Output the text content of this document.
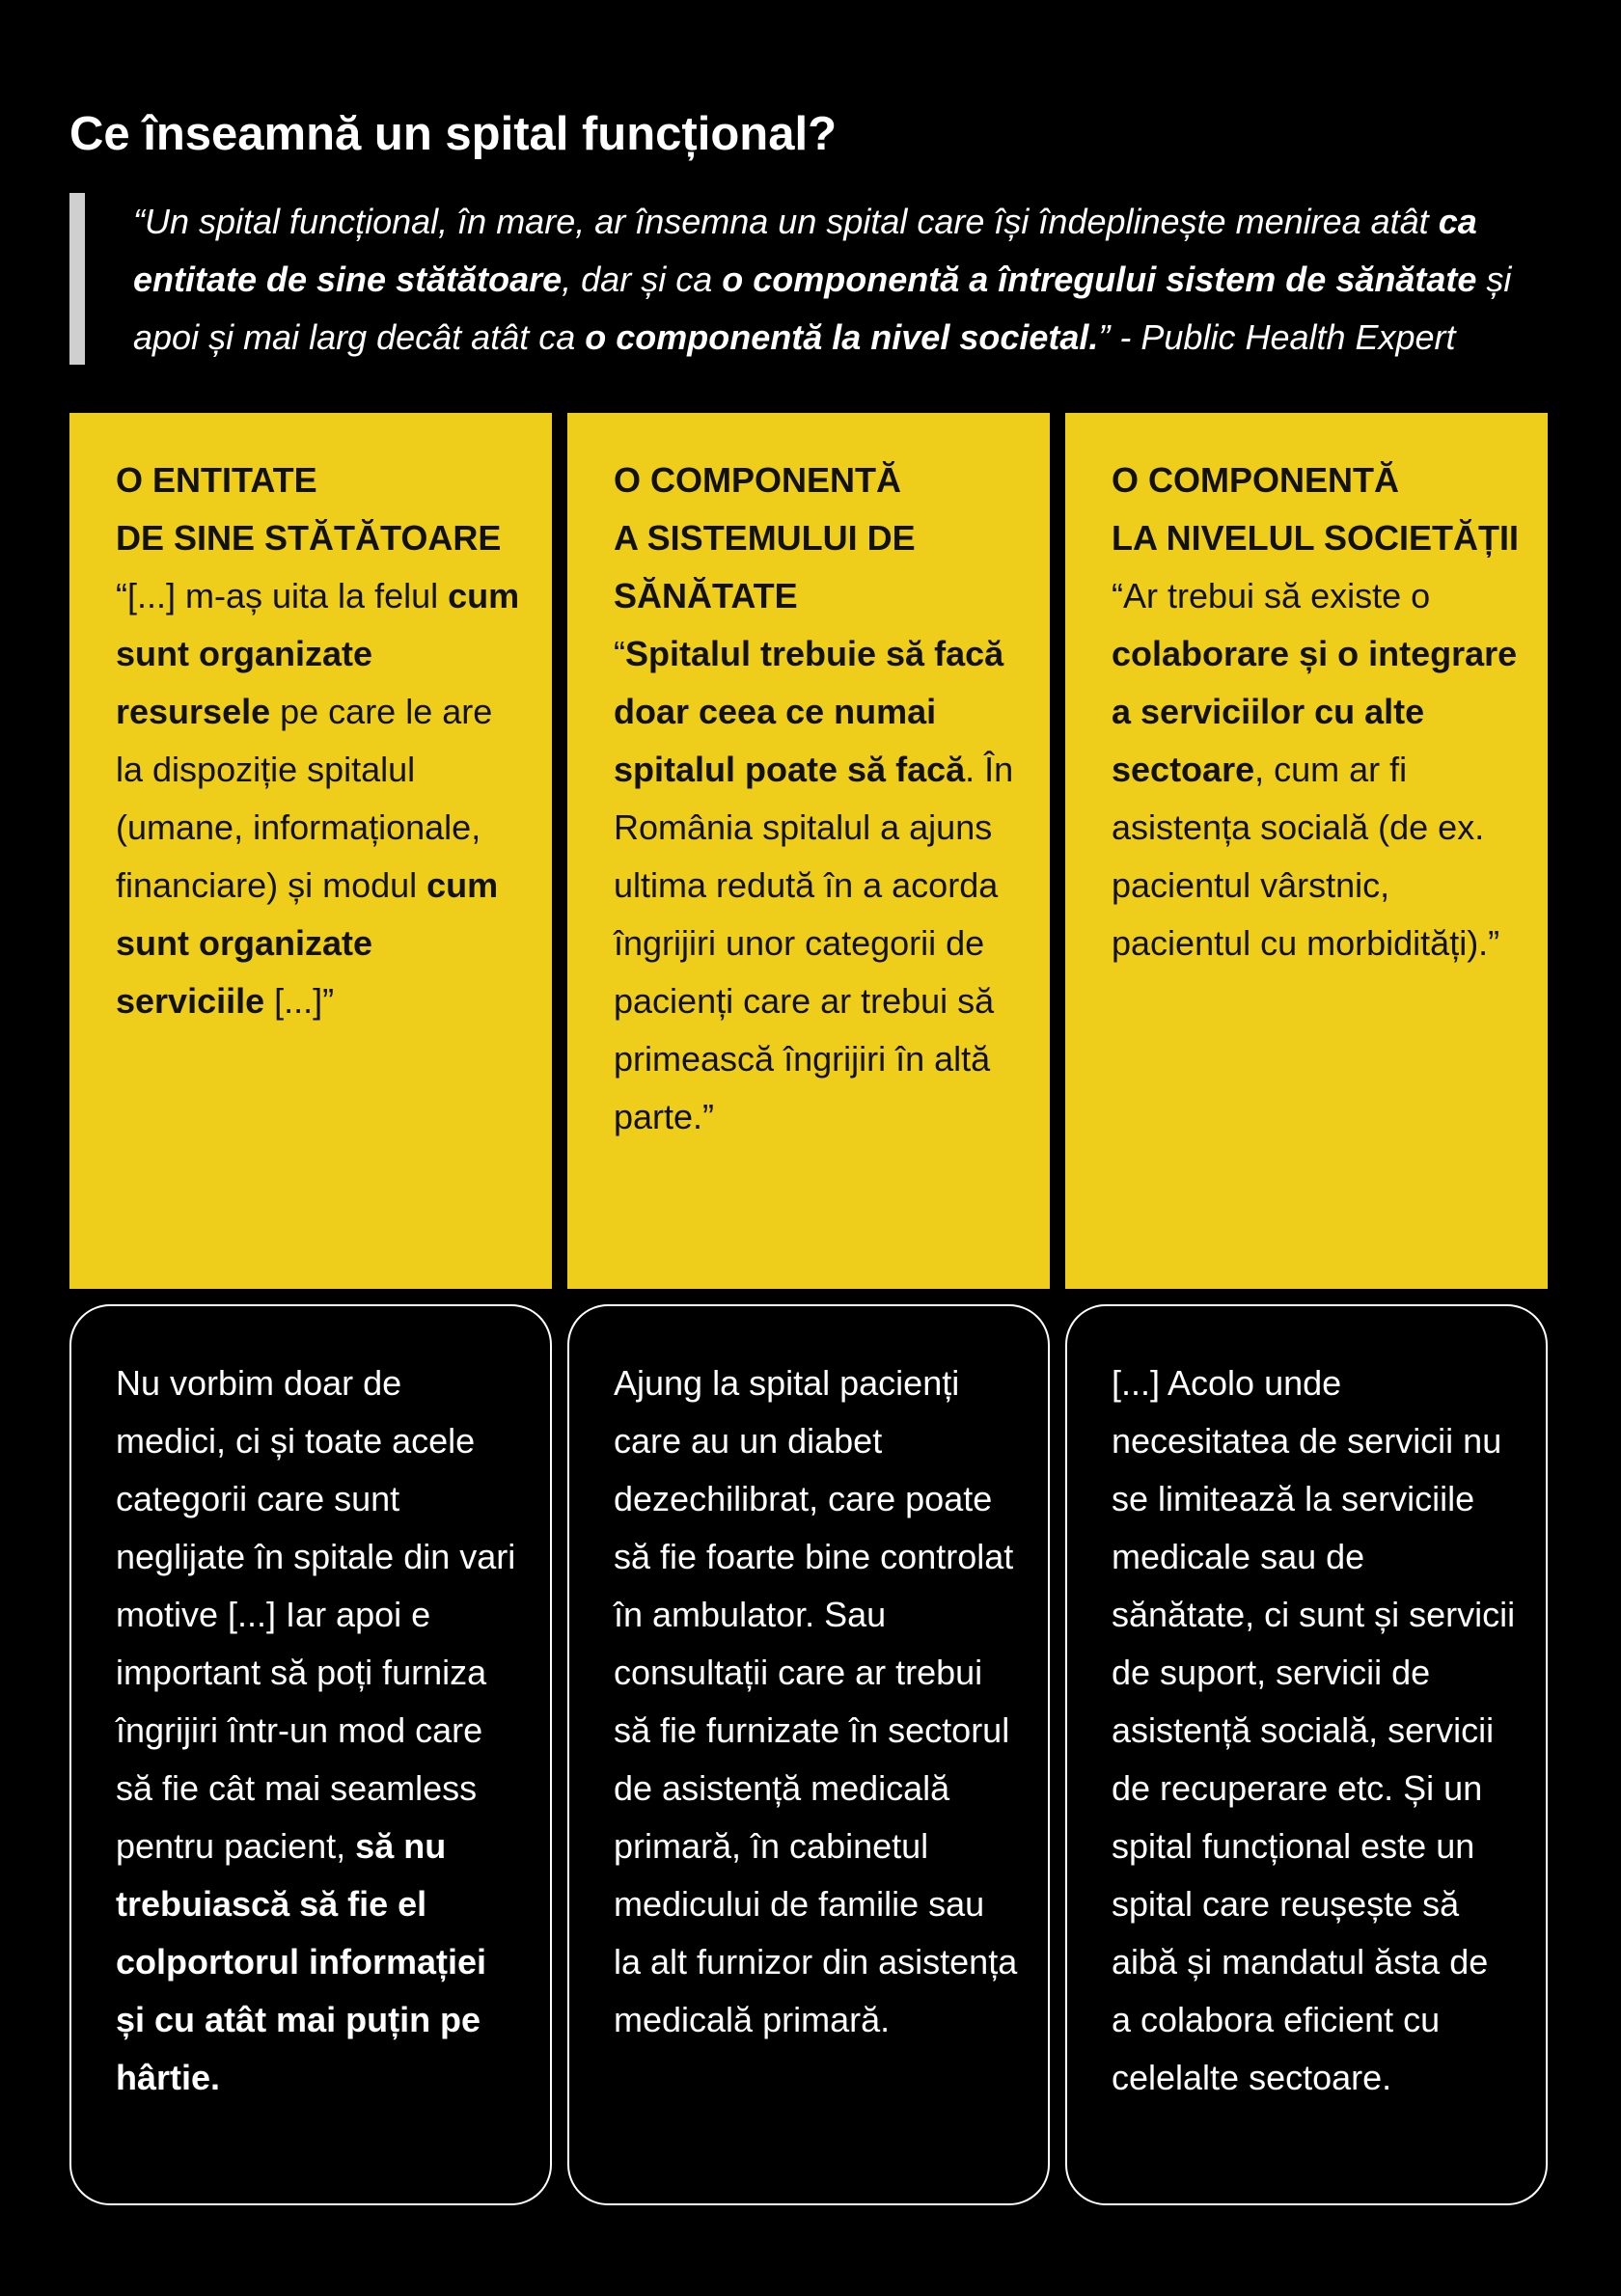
Ce înseamnă un spital funcțional?

“Un spital funcțional, în mare, ar însemna un spital care își îndeplinește menirea atât ca entitate de sine stătătoare, dar și ca o componentă a întregului sistem de sănătate și apoi și mai larg decât atât ca o componentă la nivel societal.” - Public Health Expert

O ENTITATE
DE SINE STĂTĂTOARE

“[...] m-aș uita la felul cum sunt organizate resursele pe care le are la dispoziție spitalul (umane, informaționale, financiare) și modul cum sunt organizate serviciile [...]”

O COMPONENTĂ
A SISTEMULUI DE
SĂNĂTATE

“Spitalul trebuie să facă doar ceea ce numai spitalul poate să facă. În România spitalul a ajuns ultima redută în a acorda îngrijiri unor categorii de pacienți care ar trebui să primească îngrijiri în altă parte.”

O COMPONENTĂ
LA NIVELUL SOCIETĂȚII

“Ar trebui să existe o colaborare și o integrare a serviciilor cu alte sectoare, cum ar fi asistența socială (de ex. pacientul vârstnic, pacientul cu morbidități).”

Nu vorbim doar de medici, ci și toate acele categorii care sunt neglijate în spitale din vari motive [...] Iar apoi e important să poți furniza îngrijiri într-un mod care să fie cât mai seamless pentru pacient, să nu trebuiască să fie el colportorul informației și cu atât mai puțin pe hârtie.

Ajung la spital pacienți care au un diabet dezechilibrat, care poate să fie foarte bine controlat în ambulator. Sau consultații care ar trebui să fie furnizate în sectorul de asistență medicală primară, în cabinetul medicului de familie sau la alt furnizor din asistența medicală primară.

[...] Acolo unde necesitatea de servicii nu se limitează la serviciile medicale sau de sănătate, ci sunt și servicii de suport, servicii de asistență socială, servicii de recuperare etc. Și un spital funcțional este un spital care reușește să aibă și mandatul ăsta de a colabora eficient cu celelalte sectoare.
